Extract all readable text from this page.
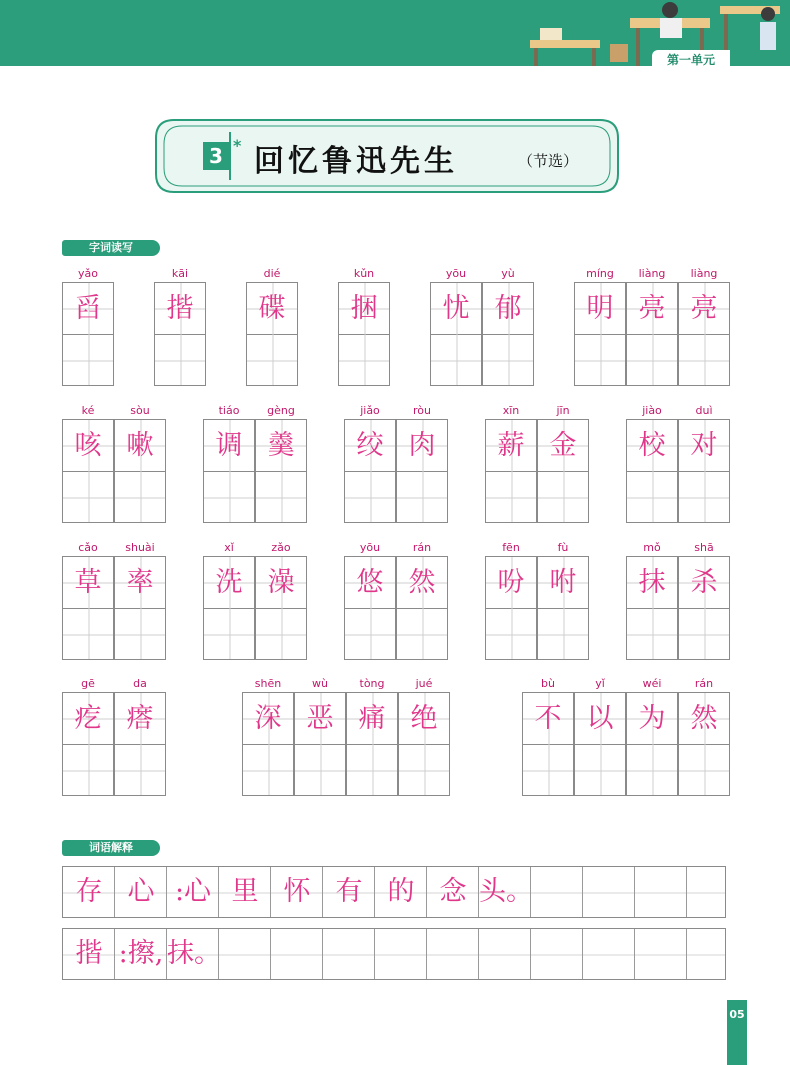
第一单元
3 * 回忆鲁迅先生	（节选）
字词读写
词语解释
yǎo
舀
kāi
揩
dié
碟
kǔn
捆
yōu
忧
yù
郁
míng
明
liàng
亮
liàng
亮
ké
咳
sòu
嗽
tiáo
调
gèng
羹
jiǎo
绞
ròu
肉
xīn
薪
jīn
金
jiào
校
duì
对
cǎo
草
shuài
率
xǐ
洗
zǎo
澡
yōu
悠
rán
然
fēn
吩
fù
咐
mǒ
抹
shā
杀
gē
疙
da
瘩
shēn
深
wù
恶
tòng
痛
jué
绝
bù
不
yǐ
以
wéi
为
rán
然
存 心 :心 里 怀 有 的 念 头。
揩 :擦, 抹。
05
